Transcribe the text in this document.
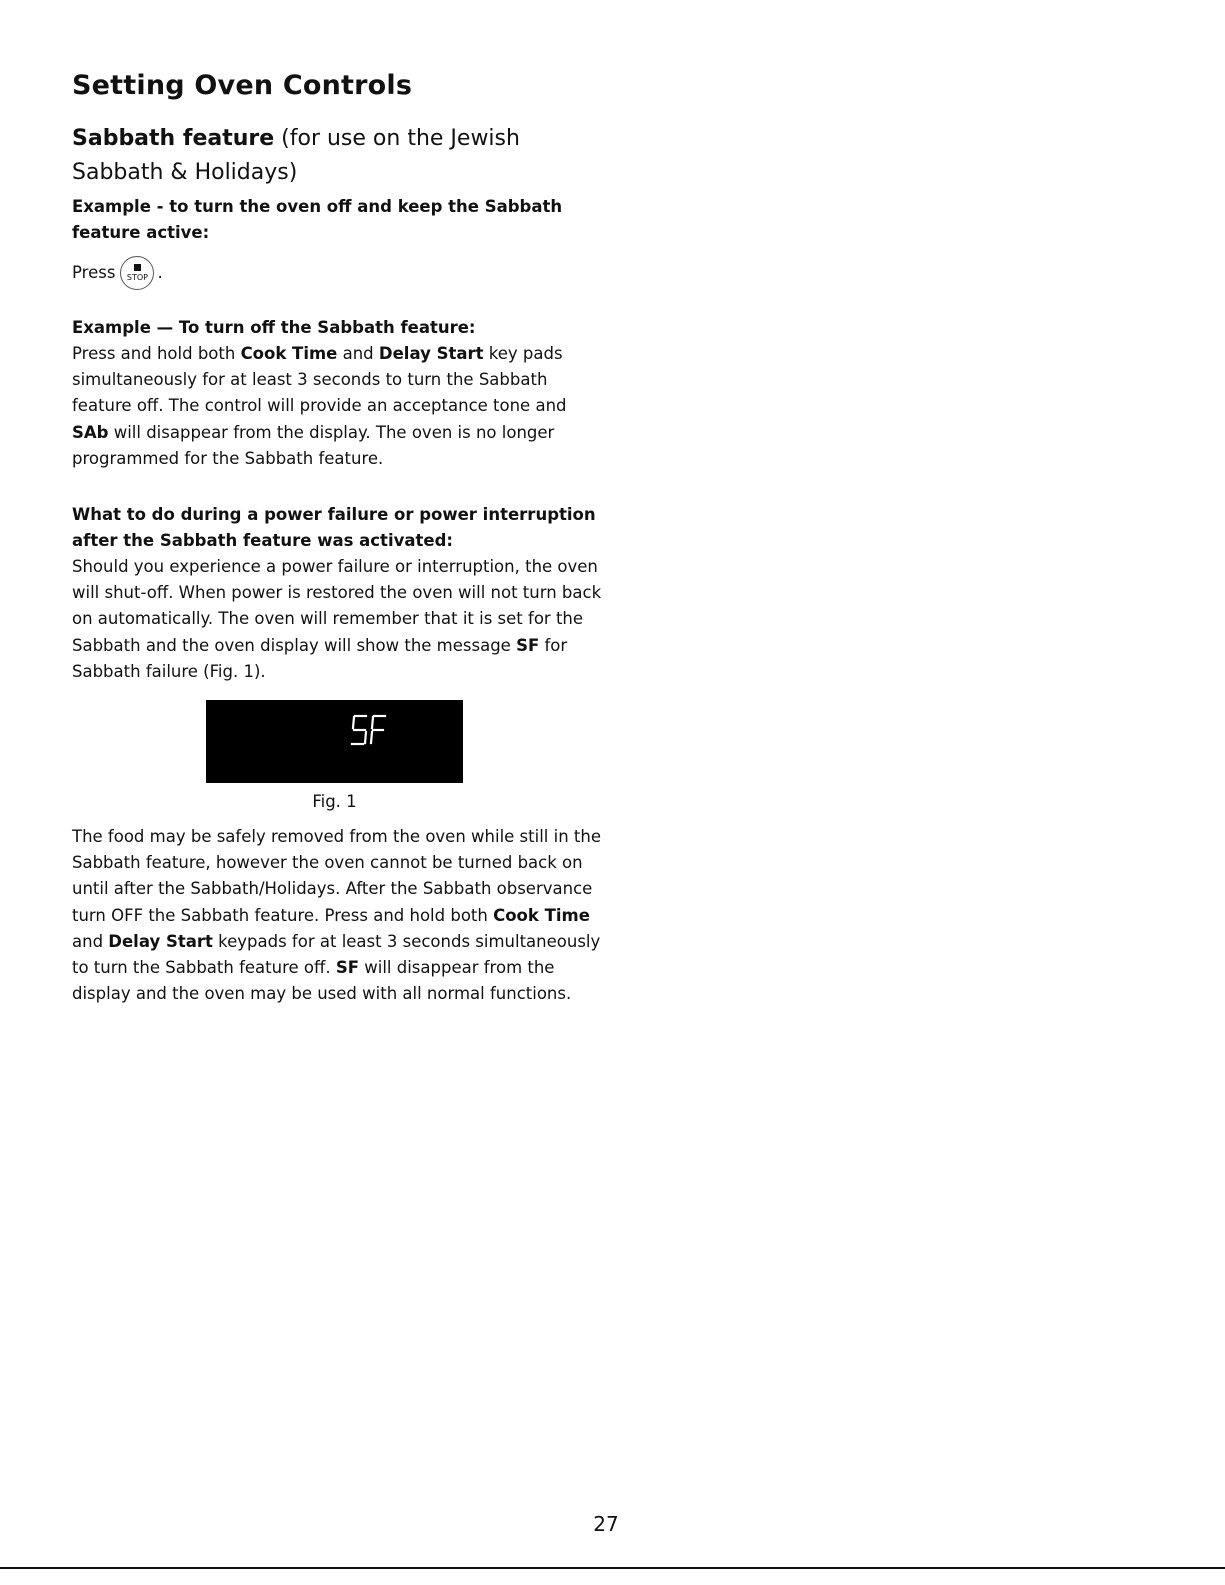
Setting Oven Controls
Sabbath feature (for use on the Jewish Sabbath & Holidays)

Example - to turn the oven off and keep the Sabbath feature active:

Press	STOP .

Example — To turn off the Sabbath feature:

Press and hold both Cook Time and Delay Start key pads simultaneously for at least 3 seconds to turn the Sabbath feature off. The control will provide an acceptance tone and SAb will disappear from the display. The oven is no longer programmed for the Sabbath feature.

What to do during a power failure or power interruption after the Sabbath feature was activated:

Should you experience a power failure or interruption, the oven will shut-off. When power is restored the oven will not turn back on automatically. The oven will remember that it is set for the Sabbath and the oven display will show the message SF for Sabbath failure (Fig. 1).

Fig. 1

The food may be safely removed from the oven while still in the Sabbath feature, however the oven cannot be turned back on until after the Sabbath/Holidays. After the Sabbath observance turn OFF the Sabbath feature. Press and hold both Cook Time and Delay Start keypads for at least 3 seconds simultaneously to turn the Sabbath feature off. SF will disappear from the display and the oven may be used with all normal functions.

27
